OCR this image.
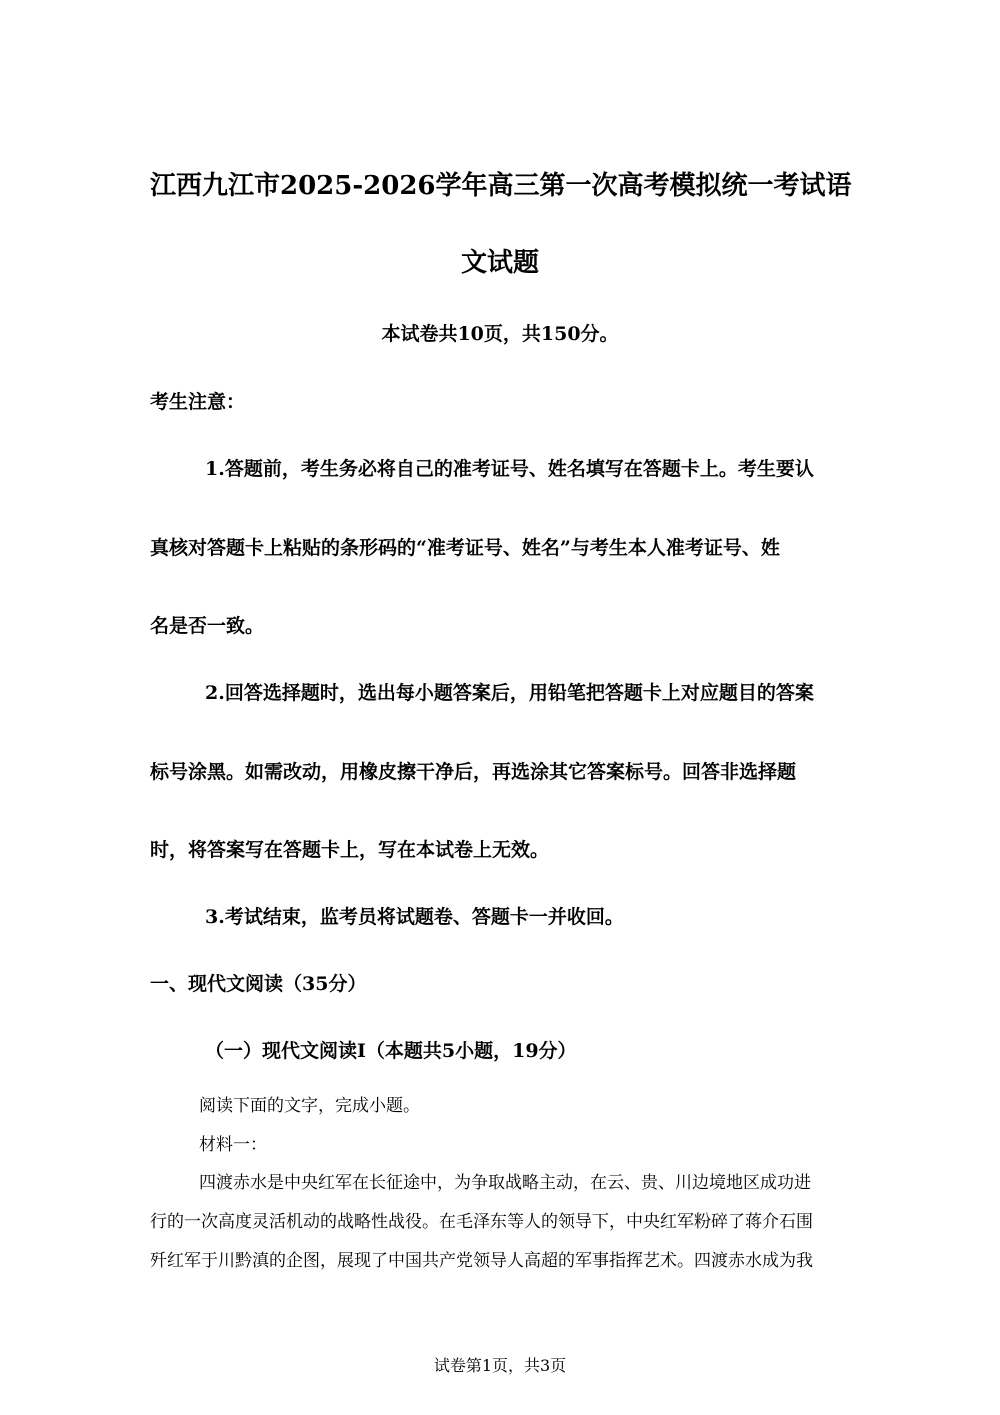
江西九江市2025-2026学年高三第一次高考模拟统一考试语
文试题
本试卷共10页，共150分。
考生注意：
1.答题前，考生务必将自己的准考证号、姓名填写在答题卡上。考生要认
真核对答题卡上粘贴的条形码的“准考证号、姓名”与考生本人准考证号、姓
名是否一致。
2.回答选择题时，选出每小题答案后，用铅笔把答题卡上对应题目的答案
标号涂黑。如需改动，用橡皮擦干净后，再选涂其它答案标号。回答非选择题
时，将答案写在答题卡上，写在本试卷上无效。
3.考试结束，监考员将试题卷、答题卡一并收回。
一、现代文阅读（35分）
（一）现代文阅读I（本题共5小题，19分）
阅读下面的文字，完成小题。
材料一：
四渡赤水是中央红军在长征途中，为争取战略主动，在云、贵、川边境地区成功进
行的一次高度灵活机动的战略性战役。在毛泽东等人的领导下，中央红军粉碎了蒋介石围
歼红军于川黔滇的企图，展现了中国共产党领导人高超的军事指挥艺术。四渡赤水成为我
试卷第1页，共3页
